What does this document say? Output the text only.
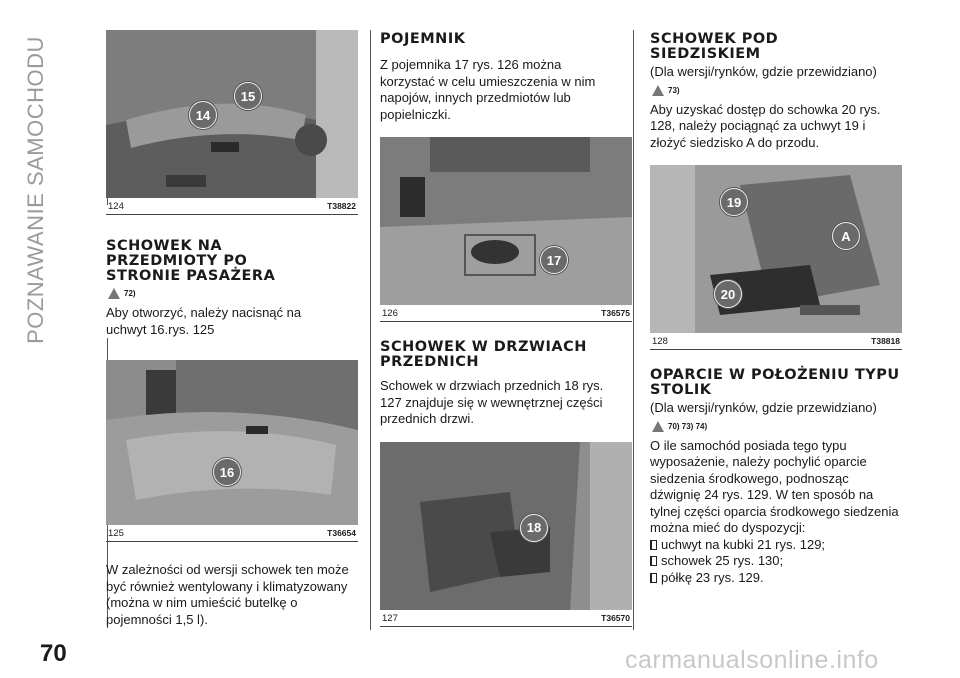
POZNAWANIE SAMOCHODU	14
15
124	T38822
SCHOWEK NA PRZEDMIOTY PO STRONIE PASAŻERA
72)

Aby otworzyć, należy nacisnąć na uchwyt 16.rys. 125

16
125	T36654

W zależności od wersji schowek ten może być również wentylowany i klimatyzowany (można w nim umieścić butelkę o pojemności 1,5 l).

POJEMNIK

Z pojemnika 17 rys. 126 można korzystać w celu umieszczenia w nim napojów, innych przedmiotów lub popielniczki.

17
126	T36575
SCHOWEK W DRZWIACH PRZEDNICH

Schowek w drzwiach przednich 18 rys. 127 znajduje się w wewnętrznej części przednich drzwi.

18
127	T36570
SCHOWEK POD SIEDZISKIEM

(Dla wersji/rynków, gdzie przewidziano)

73)

Aby uzyskać dostęp do schowka 20 rys. 128, należy pociągnąć za uchwyt 19 i złożyć siedzisko A do przodu.

19
A
20
128	T38818
OPARCIE W POŁOŻENIU TYPU STOLIK

(Dla wersji/rynków, gdzie przewidziano)

70) 73) 74)

O ile samochód posiada tego typu wyposażenie, należy pochylić oparcie siedzenia środkowego, podnosząc dźwignię 24 rys. 129. W ten sposób na tylnej części oparcia środkowego siedzenia można mieć do dyspozycji:

uchwyt na kubki 21 rys. 129;
schowek 25 rys. 130;
półkę 23 rys. 129.
70	carmanualsonline.info
